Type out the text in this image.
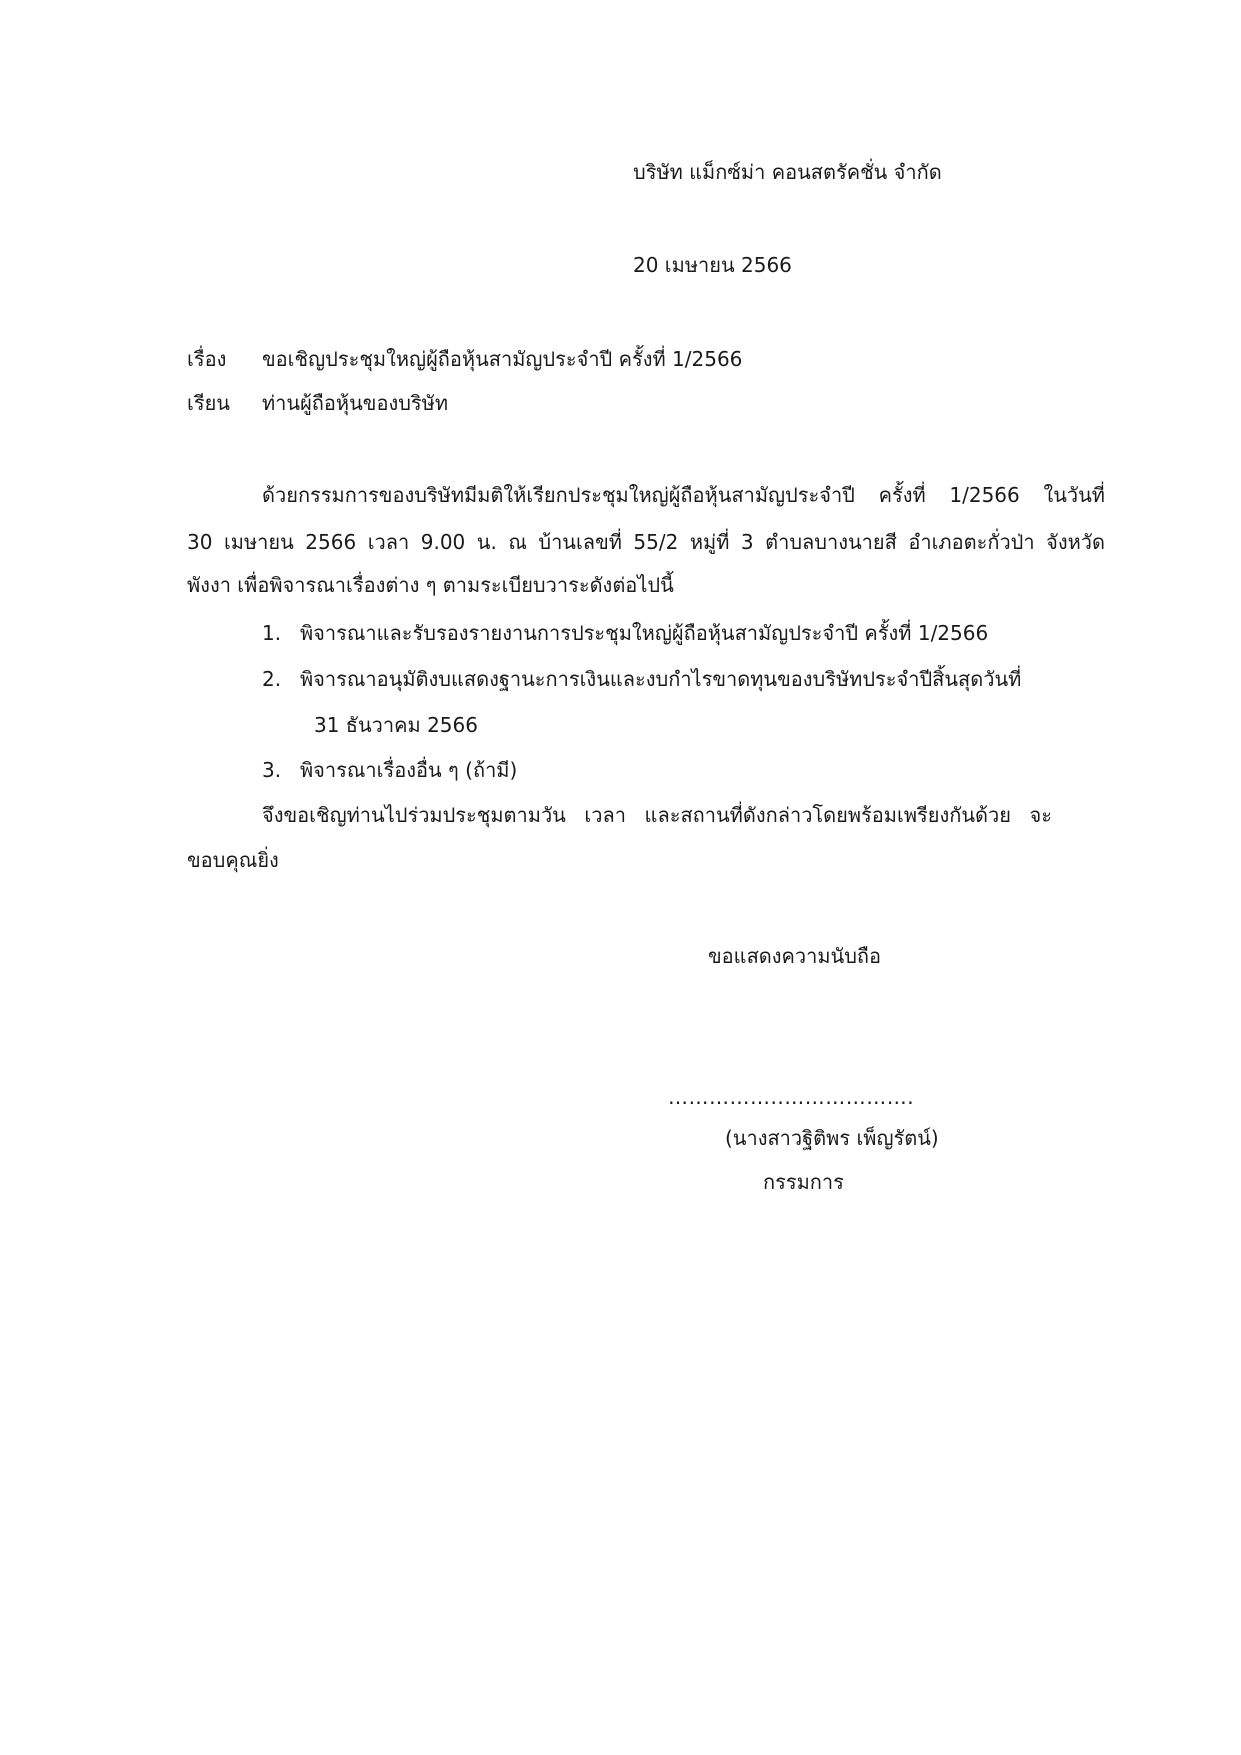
บริษัท แม็กซ์ม่า คอนสตรัคชั่น จำกัด
20 เมษายน 2566
เรื่อง ขอเชิญประชุมใหญ่ผู้ถือหุ้นสามัญประจำปี ครั้งที่ 1/2566
เรียน ท่านผู้ถือหุ้นของบริษัท
ด้วยกรรมการของบริษัทมีมติให้เรียกประชุมใหญ่ผู้ถือหุ้นสามัญประจำปี ครั้งที่ 1/2566 ในวันที่
30 เมษายน 2566 เวลา 9.00 น. ณ บ้านเลขที่ 55/2 หมู่ที่ 3 ตำบลบางนายสี อำเภอตะกั่วป่า จังหวัด
พังงา เพื่อพิจารณาเรื่องต่าง ๆ ตามระเบียบวาระดังต่อไปนี้
1. พิจารณาและรับรองรายงานการประชุมใหญ่ผู้ถือหุ้นสามัญประจำปี ครั้งที่ 1/2566
2. พิจารณาอนุมัติงบแสดงฐานะการเงินและงบกำไรขาดทุนของบริษัทประจำปีสิ้นสุดวันที่
31 ธันวาคม 2566
3. พิจารณาเรื่องอื่น ๆ (ถ้ามี)
จึงขอเชิญท่านไปร่วมประชุมตามวัน เวลา และสถานที่ดังกล่าวโดยพร้อมเพรียงกันด้วย จะ
ขอบคุณยิ่ง
ขอแสดงความนับถือ
……………..……………….
(นางสาวฐิติพร เพ็ญรัตน์)
กรรมการ
